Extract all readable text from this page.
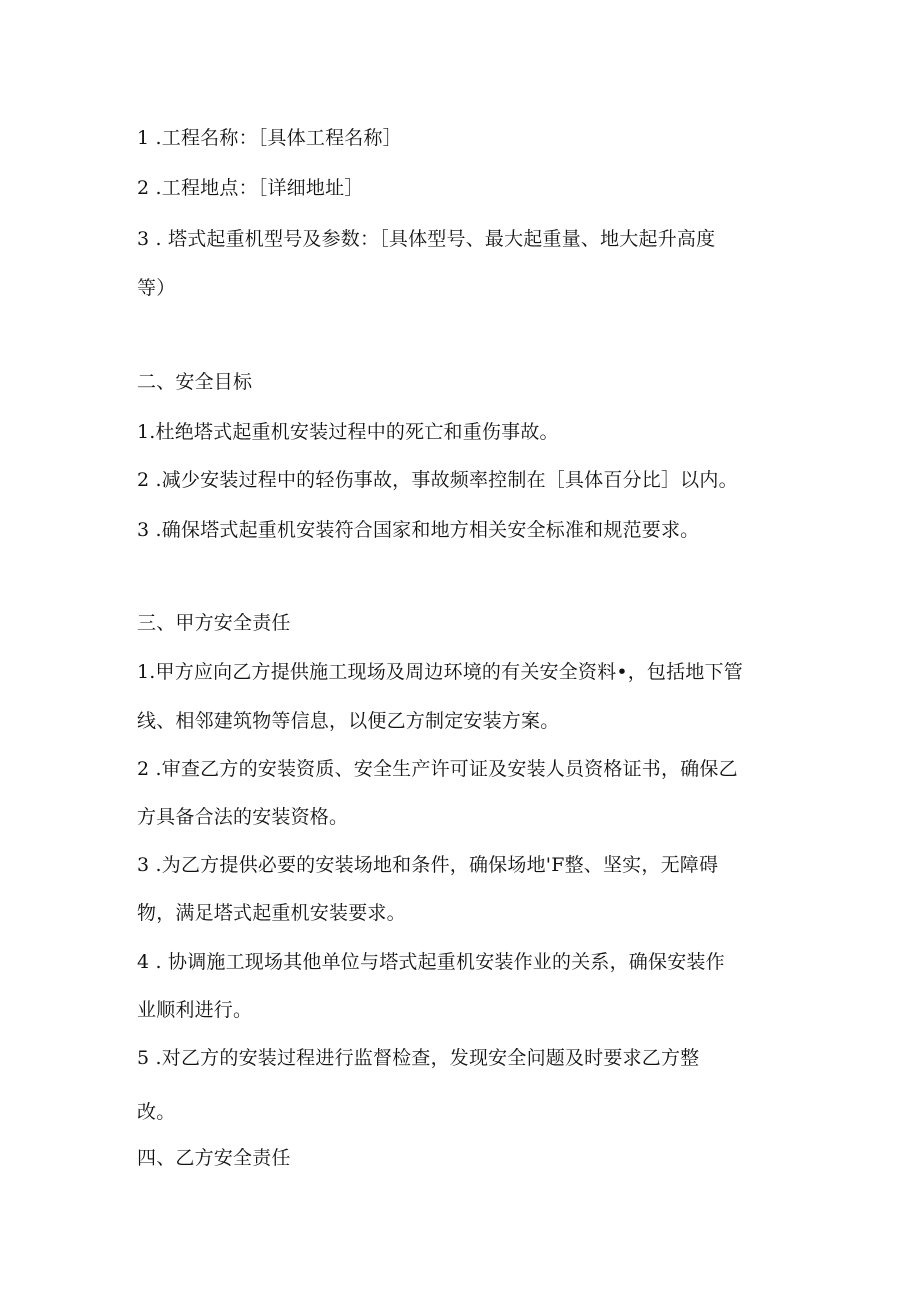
1 .工程名称：［具体工程名称］
2 .工程地点：［详细地址］
3 . 塔式起重机型号及参数：［具体型号、最大起重量、地大起升高度
等）
二、安全目标
1.杜绝塔式起重机安装过程中的死亡和重伤事故。
2 .减少安装过程中的轻伤事故，事故频率控制在［具体百分比］以内。
3 .确保塔式起重机安装符合国家和地方相关安全标准和规范要求。
三、甲方安全责任
1.甲方应向乙方提供施工现场及周边环境的有关安全资料•，包括地下管
线、相邻建筑物等信息，以便乙方制定安装方案。
2 .审查乙方的安装资质、安全生产许可证及安装人员资格证书，确保乙
方具备合法的安装资格。
3 .为乙方提供必要的安装场地和条件，确保场地'F整、坚实，无障碍
物，满足塔式起重机安装要求。
4 . 协调施工现场其他单位与塔式起重机安装作业的关系，确保安装作
业顺利进行。
5 .对乙方的安装过程进行监督检查，发现安全问题及时要求乙方整
改。
四、乙方安全责任
